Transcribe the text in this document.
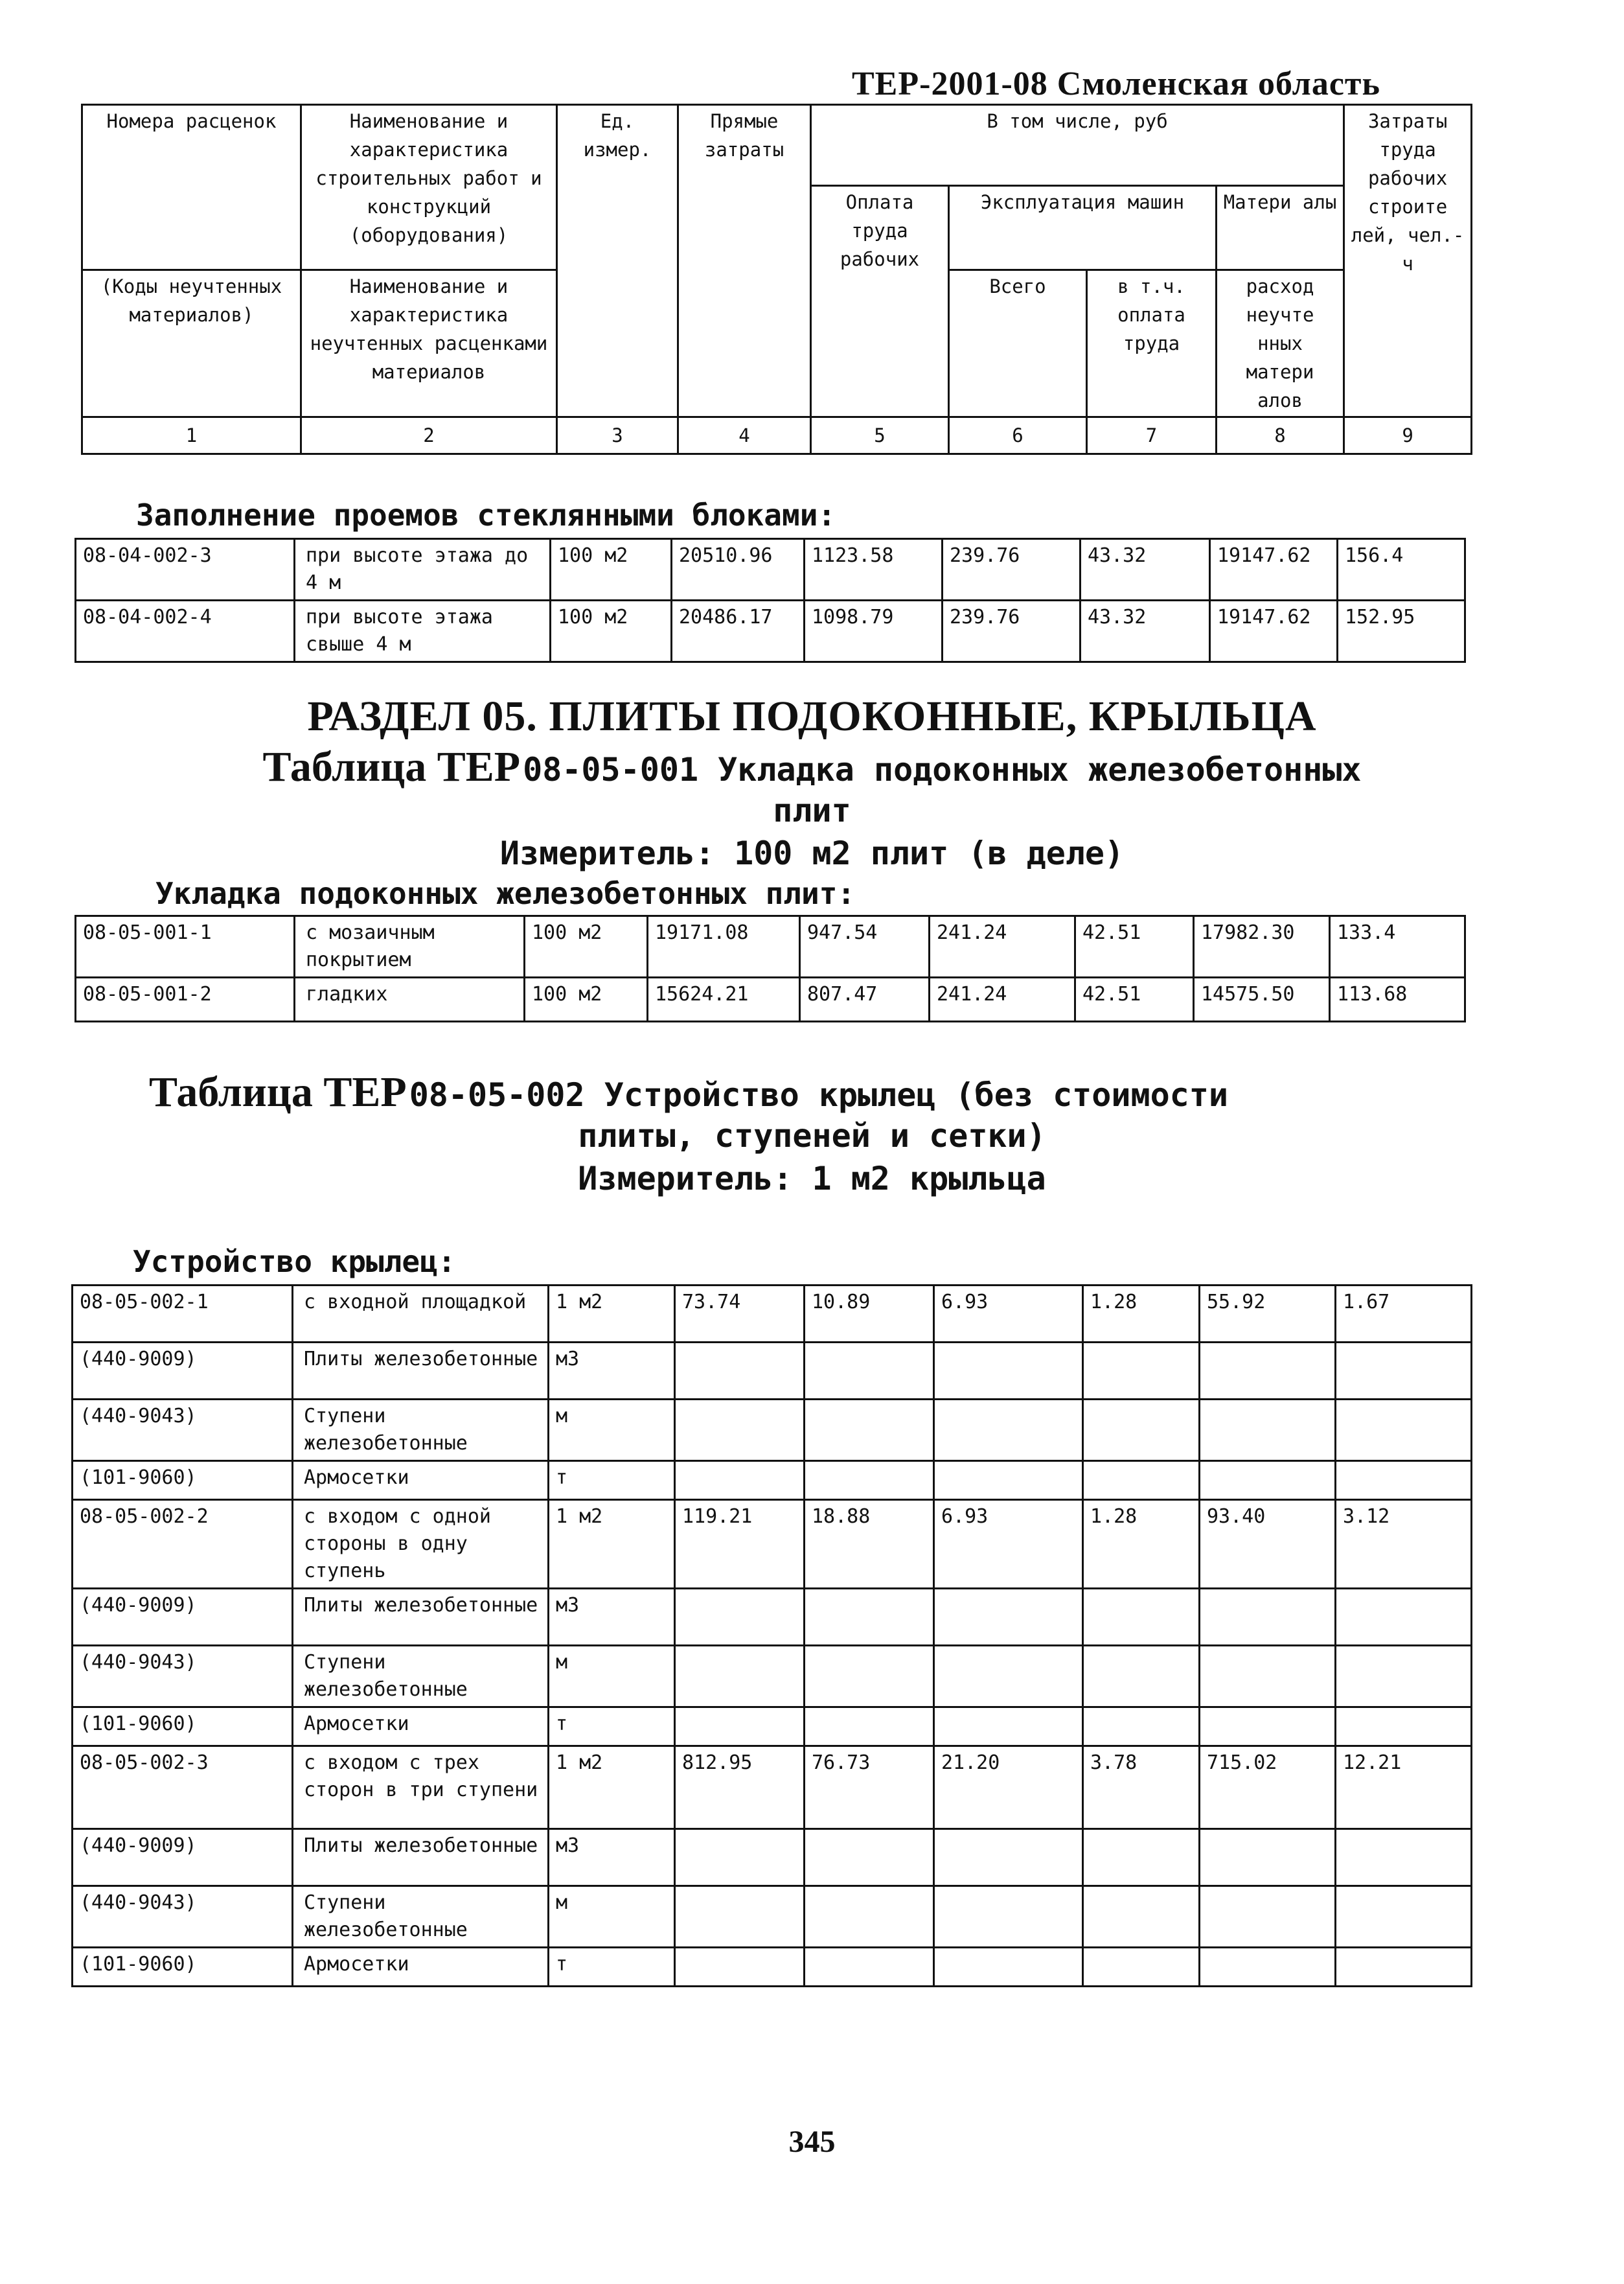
ТЕР-2001-08 Смоленская область
Номера расценок	Наименование и характеристика строительных работ и конструкций (оборудования)	Ед. измер.	Прямые затраты	В том числе, руб				Затраты труда рабочих строите лей, чел.-ч
				Оплата труда рабочих	Эксплуатация машин		Матери алы	
(Коды неучтенных материалов)	Наименование и характеристика неучтенных расценками материалов				Всего	в т.ч. оплата труда	расход неучте нных матери алов	

1	2	3	4	5	6	7	8	9
Заполнение проемов стеклянными блоками:
08-04-002-3	при высоте этажа до 4 м	100 м2	20510.96	1123.58	239.76	43.32	19147.62	156.4
08-04-002-4	при высоте этажа свыше 4 м	100 м2	20486.17	1098.79	239.76	43.32	19147.62	152.95
РАЗДЕЛ 05. ПЛИТЫ ПОДОКОННЫЕ, КРЫЛЬЦА
Таблица ТЕР 08-05-001 Укладка подоконных железобетонных
плит
Измеритель: 100 м2 плит (в деле)
Укладка подоконных железобетонных плит:
08-05-001-1	с мозаичным покрытием	100 м2	19171.08	947.54	241.24	42.51	17982.30	133.4
08-05-001-2	гладких	100 м2	15624.21	807.47	241.24	42.51	14575.50	113.68
Таблица ТЕР 08-05-002 Устройство крылец (без стоимости
плиты, ступеней и сетки)
Измеритель: 1 м2 крыльца
Устройство крылец:
08-05-002-1	с входной площадкой	1 м2	73.74	10.89	6.93	1.28	55.92	1.67
(440-9009)	Плиты железобетонные	м3						
(440-9043)	Ступени железобетонные	м						
(101-9060)	Армосетки	т						
08-05-002-2	с входом с одной стороны в одну ступень	1 м2	119.21	18.88	6.93	1.28	93.40	3.12
(440-9009)	Плиты железобетонные	м3						
(440-9043)	Ступени железобетонные	м						
(101-9060)	Армосетки	т						
08-05-002-3	с входом с трех сторон в три ступени	1 м2	812.95	76.73	21.20	3.78	715.02	12.21
(440-9009)	Плиты железобетонные	м3						
(440-9043)	Ступени железобетонные	м						
(101-9060)	Армосетки	т						
345
